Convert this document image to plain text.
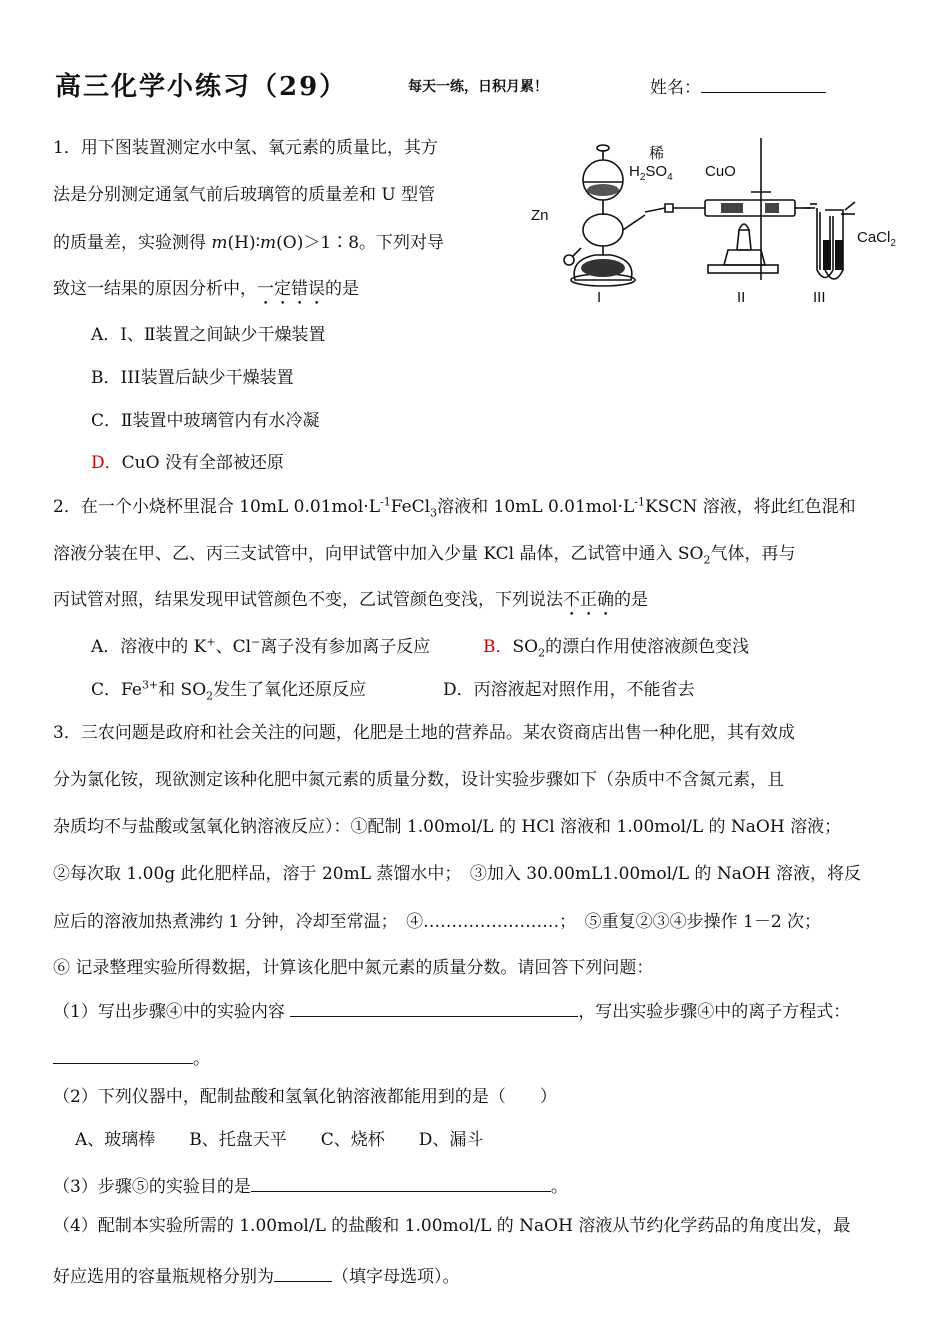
高三化学小练习（29）	每天一练，日积月累！	姓名：
1．用下图装置测定水中氢、氧元素的质量比，其方
法是分别测定通氢气前后玻璃管的质量差和 U 型管
的质量差，实验测得 m(H)∶m(O)＞1∶8。下列对导
致这一结果的原因分析中，一定错误的是
A．Ⅰ、Ⅱ装置之间缺少干燥装置
B．III装置后缺少干燥装置
C．Ⅱ装置中玻璃管内有水冷凝
D．CuO 没有全部被还原
稀
$H_2SO_4$ CuO
Zn
CaCl$_2$
I	II	III
2．在一个小烧杯里混合 10mL $0.01mol\cdot L^{-1}FeCl_3$溶液和 10mL $0.01mol\cdot L^{-1}KSCN$ 溶液，将此红色混和
溶液分装在甲、乙、丙三支试管中，向甲试管中加入少量 KCl 晶体，乙试管中通入 $SO_2$气体，再与
丙试管对照，结果发现甲试管颜色不变，乙试管颜色变浅，下列说法不正确的是
A．溶液中的 K+、Cl−离子没有参加离子反应	B．$SO_2$的漂白作用使溶液颜色变浅
C．$Fe^{3+}$和 $SO_2$发生了氧化还原反应	D．丙溶液起对照作用，不能省去
3．三农问题是政府和社会关注的问题，化肥是土地的营养品。某农资商店出售一种化肥，其有效成
分为氯化铵，现欲测定该种化肥中氮元素的质量分数，设计实验步骤如下（杂质中不含氮元素，且
杂质均不与盐酸或氢氧化钠溶液反应）：①配制 1.00mol/L 的 HCl 溶液和 1.00mol/L 的 NaOH 溶液；
②每次取 1.00g 此化肥样品，溶于 20mL 蒸馏水中；　③加入 30.00mL1.00mol/L 的 NaOH 溶液，将反
应后的溶液加热煮沸约 1 分钟，冷却至常温；　④……………………；　⑤重复②③④步操作 1－2 次；
⑥ 记录整理实验所得数据，计算该化肥中氮元素的质量分数。请回答下列问题：
（1）写出步骤④中的实验内容	，写出实验步骤④中的离子方程式：
。
（2）下列仪器中，配制盐酸和氢氧化钠溶液都能用到的是（　　）
A、玻璃棒　　B、托盘天平　　C、烧杯　　D、漏斗
（3）步骤⑤的实验目的是	。
（4）配制本实验所需的 1.00mol/L 的盐酸和 1.00mol/L 的 NaOH 溶液从节约化学药品的角度出发，最
好应选用的容量瓶规格分别为	（填字母选项）。
